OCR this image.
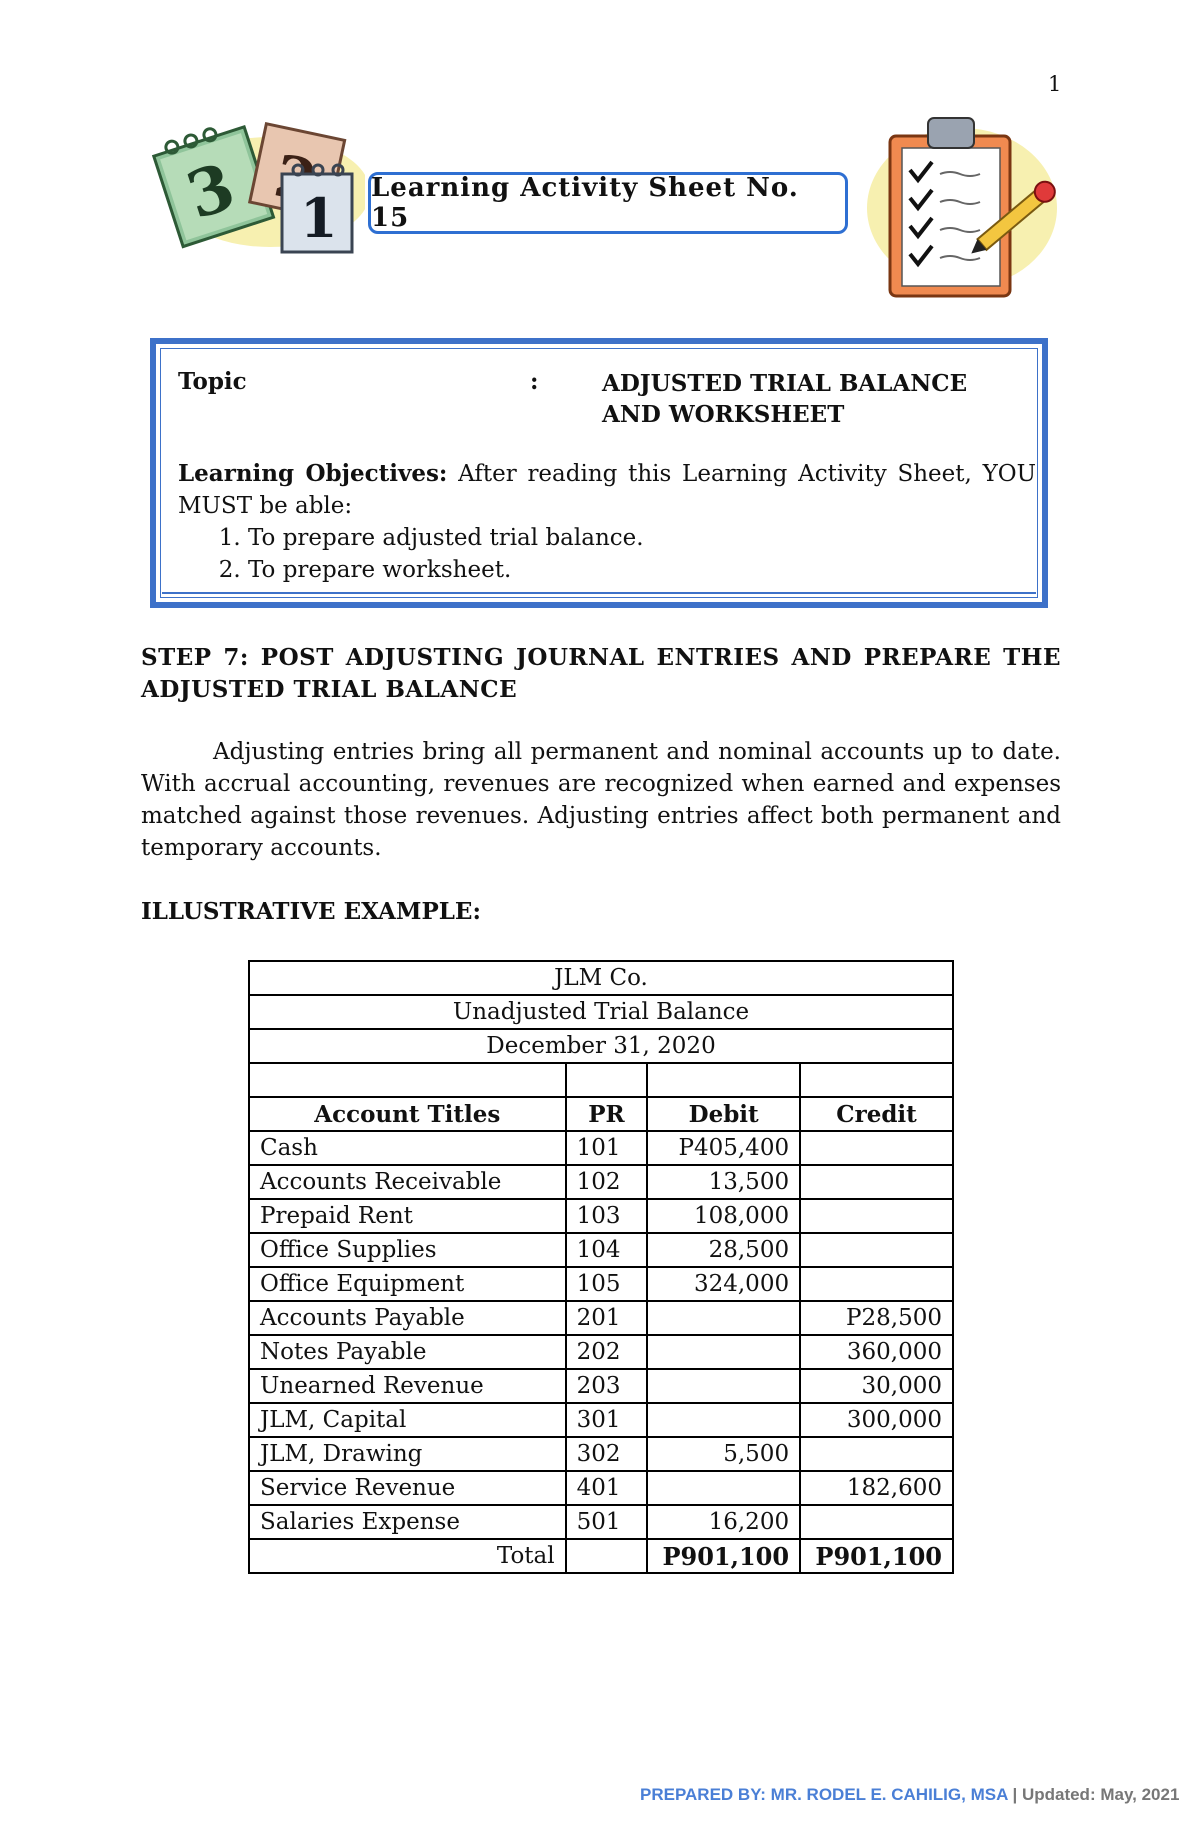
1
3 1 Learning Activity Sheet No. 15
Topic	:	ADJUSTED TRIAL BALANCE AND WORKSHEET
Learning Objectives: After reading this Learning Activity Sheet, YOU MUST be able:
1. To prepare adjusted trial balance.
2. To prepare worksheet.
STEP 7: POST ADJUSTING JOURNAL ENTRIES AND PREPARE THE ADJUSTED TRIAL BALANCE
Adjusting entries bring all permanent and nominal accounts up to date. With accrual accounting, revenues are recognized when earned and expenses matched against those revenues. Adjusting entries affect both permanent and temporary accounts.
ILLUSTRATIVE EXAMPLE:
JLM Co.			
Unadjusted Trial Balance			
December 31, 2020			

Account Titles	PR	Debit	Credit
Cash	101	P405,400	
Accounts Receivable	102	13,500	
Prepaid Rent	103	108,000	
Office Supplies	104	28,500	
Office Equipment	105	324,000	
Accounts Payable	201		P28,500
Notes Payable	202		360,000
Unearned Revenue	203		30,000
JLM, Capital	301		300,000
JLM, Drawing	302	5,500	
Service Revenue	401		182,600
Salaries Expense	501	16,200	
Total		P901,100	P901,100
PREPARED BY: MR. RODEL E. CAHILIG, MSA | Updated: May, 2021
